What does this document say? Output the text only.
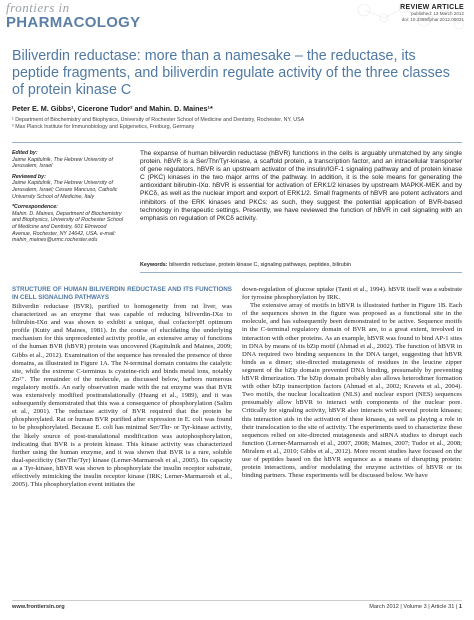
frontiers in
PHARMACOLOGY
REVIEW ARTICLE
published: 13 March 2012
doi: 10.3389/fphar.2012.00031
Biliverdin reductase: more than a namesake – the reductase, its peptide fragments, and biliverdin regulate activity of the three classes of protein kinase C
Peter E. M. Gibbs¹, Cicerone Tudor² and Mahin. D. Maines¹*
¹ Department of Biochemistry and Biophysics, University of Rochester School of Medicine and Dentistry, Rochester, NY, USA
² Max Planck Institute for Immunobiology and Epigenetics, Freiburg, Germany
Edited by:
Jaime Kapitulnik, The Hebrew University of Jerusalem, Israel
Reviewed by:
Jaime Kapitulnik, The Hebrew University of Jerusalem, Israel; Cesare Mancuso, Catholic University School of Medicine, Italy
*Correspondence:
Mahin. D. Maines, Department of Biochemistry and Biophysics, University of Rochester School of Medicine and Dentistry, 601 Elmwood Avenue, Rochester, NY 14642, USA. e-mail: mahin_maines@urmc.rochester.edu
The expanse of human biliverdin reductase (hBVR) functions in the cells is arguably unmatched by any single protein. hBVR is a Ser/Thr/Tyr-kinase, a scaffold protein, a transcription factor, and an intracellular transporter of gene regulators. hBVR is an upstream activator of the insulin/IGF-1 signaling pathway and of protein kinase C (PKC) kinases in the two major arms of the pathway. In addition, it is the sole means for generating the antioxidant bilirubin-IXα. hBVR is essential for activation of ERK1/2 kinases by upstream MAPKK-MEK and by PKCδ, as well as the nuclear import and export of ERK1/2. Small fragments of hBVR are potent activators and inhibitors of the ERK kinases and PKCs: as such, they suggest the potential application of BVR-based technology in therapeutic settings. Presently, we have reviewed the function of hBVR in cell signaling with an emphasis on regulation of PKCδ activity.
Keywords: biliverdin reductase, protein kinase C, signaling pathways, peptides, bilirubin
STRUCTURE OF HUMAN BILIVERDIN REDUCTASE AND ITS FUNCTIONS IN CELL SIGNALING PATHWAYS

Biliverdin reductase (BVR), purified to homogeneity from rat liver, was characterized as an enzyme that was capable of reducing biliverdin-IXα to bilirubin-IXα and was shown to exhibit a unique, dual cofactor/pH optimum profile (Kutty and Maines, 1981). In the course of elucidating the underlying mechanism for this unprecedented activity profile, an extensive array of functions of the human BVR (hBVR) protein was uncovered (Kapitulnik and Maines, 2009; Gibbs et al., 2012). Examination of the sequence has revealed the presence of three domains, as illustrated in Figure 1A. The N-terminal domain contains the catalytic site, while the extreme C-terminus is cysteine-rich and binds metal ions, notably Zn²⁺. The remainder of the molecule, as discussed below, harbors numerous regulatory motifs. An early observation made with the rat enzyme was that BVR was extensively modified posttranslationally (Huang et al., 1989), and it was subsequently demonstrated that this was a consequence of phosphorylation (Salim et al., 2001). The reductase activity of BVR required that the protein be phosphorylated. Rat or human BVR purified after expression in E. coli was found to be phosphorylated. Because E. coli has minimal Ser/Thr- or Tyr-kinase activity, the likely source of post-translational modification was autophosphorylation, indicating that BVR is a protein kinase. This kinase activity was characterized further using the human enzyme, and it was shown that BVR is a rare, soluble dual-specificity (Ser/Thr/Tyr) kinase (Lerner-Marmarosh et al., 2005). Its capacity as a Tyr-kinase, hBVR was shown to phosphorylate the insulin receptor substrate, effectively mimicking the insulin receptor kinase (IRK; Lerner-Marmarosh et al., 2005). This phosphorylation event initiates the

down-regulation of glucose uptake (Tanti et al., 1994). hBVR itself was a substrate for tyrosine phosphorylation by IRK.

The extensive array of motifs in hBVR is illustrated further in Figure 1B. Each of the sequences shown in the figure was proposed as a functional site in the molecule, and has subsequently been demonstrated to be active. Sequence motifs in the C-terminal regulatory domain of BVR are, to a great extent, involved in interaction with other proteins. As an example, hBVR was found to bind AP-1 sites in DNA by means of its bZip motif (Ahmad et al., 2002). The function of hBVR in DNA required two binding sequences in the DNA target, suggesting that hBVR binds as a dimer; site-directed mutagenesis of residues in the leucine zipper segment of the bZip domain prevented DNA binding, presumably by preventing hBVR dimerization. The bZip domain probably also allows heterodimer formation with other bZip transcription factors (Ahmad et al., 2002; Kravets et al., 2004). Two motifs, the nuclear localization (NLS) and nuclear export (NES) sequences presumably allow hBVR to interact with components of the nuclear pore. Critically for signaling activity, hBVR also interacts with several protein kinases; this interaction aids in the activation of these kinases, as well as playing a role in their translocation to the site of activity. The experiments used to characterize these sequences relied on site-directed mutagenesis and siRNA studies to disrupt each function (Lerner-Marmarosh et al., 2007, 2008; Maines, 2007; Tudor et al., 2008; Miralem et al., 2010; Gibbs et al., 2012). More recent studies have focused on the use of peptides based on the hBVR sequence as a means of disrupting protein: protein interactions, and/or modulating the enzyme activities of hBVR or its binding partners. These experiments will be discussed below. We have

www.frontiersin.org	March 2012 | Volume 3 | Article 31 | 1
